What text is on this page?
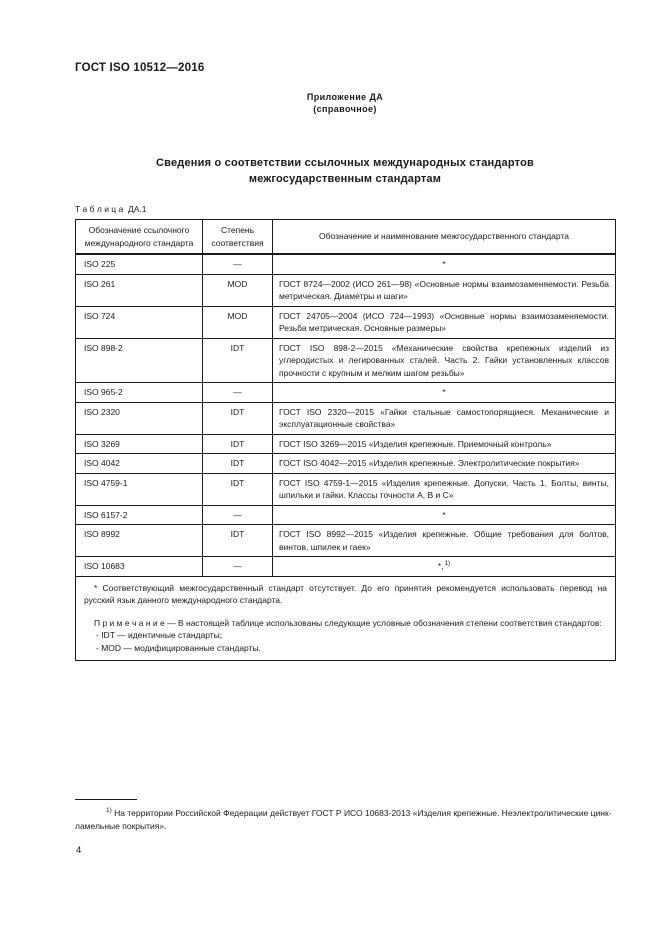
ГОСТ ISO 10512—2016
Приложение ДА
(справочное)
Сведения о соответствии ссылочных международных стандартов
межгосударственным стандартам
Т а б л и ц а  ДА.1
Обозначение ссылочного международного стандарта	Степень соответствия	Обозначение и наименование межгосударственного стандарта
ISO 225	—	*
ISO 261	MOD	ГОСТ 8724—2002 (ИСО 261—98) «Основные нормы взаимозаменяемости. Резьба метрическая. Диаметры и шаги»
ISO 724	MOD	ГОСТ 24705—2004 (ИСО 724—1993) «Основные нормы взаимозаменяемости. Резьба метрическая. Основные размеры»
ISO 898-2	IDT	ГОСТ ISO 898-2—2015 «Механические свойства крепежных изделий из углеродистых и легированных сталей. Часть 2. Гайки установленных классов прочности с крупным и мелким шагом резьбы»
ISO 965-2	—	*
ISO 2320	IDT	ГОСТ ISO 2320—2015 «Гайки стальные самостопорящиеся. Механические и эксплуатационные свойства»
ISO 3269	IDT	ГОСТ ISO 3269—2015 «Изделия крепежные. Приемочный контроль»
ISO 4042	IDT	ГОСТ ISO 4042—2015 «Изделия крепежные. Электролитические покрытия»
ISO 4759-1	IDT	ГОСТ ISO 4759-1—2015 «Изделия крепежные. Допуски. Часть 1. Болты, винты, шпильки и гайки. Классы точности А, В и С»
ISO 6157-2	—	*
ISO 8992	IDT	ГОСТ ISO 8992—2015 «Изделия крепежные. Общие требования для болтов, винтов, шпилек и гаек»
ISO 10683	—	*,$^{1)}$

* Соответствующий межгосударственный стандарт отсутствует. До его принятия рекомендуется использовать перевод на русский язык данного международного стандарта.

П р и м е ч а н и е — В настоящей таблице использованы следующие условные обозначения степени соответствия стандартов:

- IDT — идентичные стандарты;

- MOD — модифицированные стандарты.		

$^{1)}$ На территории Российской Федерации действует ГОСТ Р ИСО 10683-2013 «Изделия крепежные. Неэлектролитические цинк-ламельные покрытия».

4
